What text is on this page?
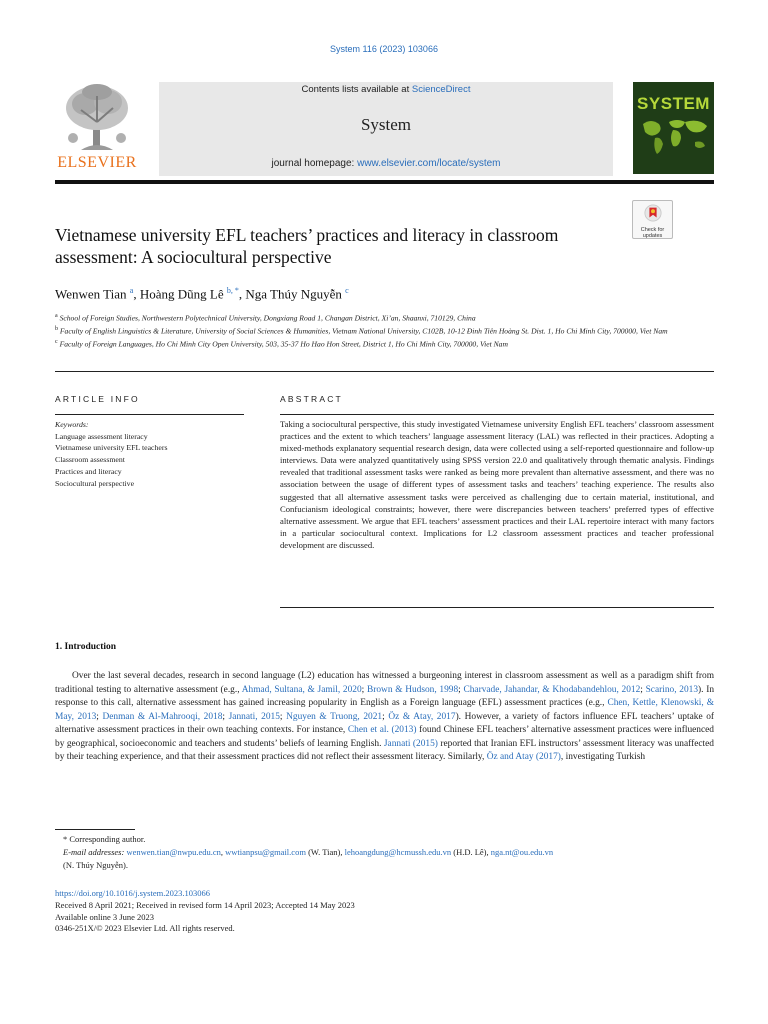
System 116 (2023) 103066
ELSEVIER
Contents lists available at ScienceDirect
System
journal homepage: www.elsevier.com/locate/system
SYSTEM
Check for
updates
Vietnamese university EFL teachers’ practices and literacy in classroom assessment: A sociocultural perspective
Wenwen Tian $^a$, Hoàng Dũng Lê $^{b, *}$, Nga Thúy Nguyễn $^c$
$^a$ School of Foreign Studies, Northwestern Polytechnical University, Dongxiang Road 1, Changan District, Xi’an, Shaanxi, 710129, China
$^b$ Faculty of English Linguistics & Literature, University of Social Sciences & Humanities, Vietnam National University, C102B, 10-12 Đinh Tiên Hoàng St. Dist. 1, Ho Chi Minh City, 700000, Viet Nam
$^c$ Faculty of Foreign Languages, Ho Chi Minh City Open University, 503, 35-37 Ho Hao Hon Street, District 1, Ho Chi Minh City, 700000, Viet Nam
ARTICLE INFO	ABSTRACT
Keywords:
Language assessment literacy
Vietnamese university EFL teachers
Classroom assessment
Practices and literacy
Sociocultural perspective
Taking a sociocultural perspective, this study investigated Vietnamese university English EFL teachers’ classroom assessment practices and the extent to which teachers’ language assessment literacy (LAL) was reflected in their practices. Adopting a mixed-methods explanatory sequential research design, data were collected using a self-reported questionnaire and follow-up interviews. Data were analyzed quantitatively using SPSS version 22.0 and qualitatively through thematic analysis. Findings revealed that traditional assessment tasks were ranked as being more prevalent than alternative assessment, and there was no association between the usage of different types of assessment tasks and teachers’ teaching experience. The results also suggested that all alternative assessment tasks were perceived as challenging due to certain material, institutional, and Confucianism ideological constraints; however, there were discrepancies between teachers’ preferred types of effective alternative assessment. We argue that EFL teachers’ assessment practices and their LAL repertoire interact with many factors in a particular sociocultural context. Implications for L2 classroom assessment practices and teacher professional development are discussed.
1. Introduction

Over the last several decades, research in second language (L2) education has witnessed a burgeoning interest in classroom assessment as well as a paradigm shift from traditional testing to alternative assessment (e.g., Ahmad, Sultana, & Jamil, 2020; Brown & Hudson, 1998; Charvade, Jahandar, & Khodabandehlou, 2012; Scarino, 2013). In response to this call, alternative assessment has gained increasing popularity in English as a Foreign language (EFL) assessment practices (e.g., Chen, Kettle, Klenowski, & May, 2013; Denman & Al-Mahrooqi, 2018; Jannati, 2015; Nguyen & Truong, 2021; Öz & Atay, 2017). However, a variety of factors influence EFL teachers’ uptake of alternative assessment practices in their own teaching contexts. For instance, Chen et al. (2013) found Chinese EFL teachers’ alternative assessment practices were influenced by geographical, socioeconomic and teachers and students’ beliefs of learning English. Jannati (2015) reported that Iranian EFL instructors’ assessment literacy was unaffected by their teaching experience, and that their assessment practices did not reflect their assessment literacy. Similarly, Öz and Atay (2017), investigating Turkish

* Corresponding author.
E-mail addresses: wenwen.tian@nwpu.edu.cn, wwtianpsu@gmail.com (W. Tian), lehoangdung@hcmussh.edu.vn (H.D. Lê), nga.nt@ou.edu.vn
(N. Thúy Nguyễn).
https://doi.org/10.1016/j.system.2023.103066
Received 8 April 2021; Received in revised form 14 April 2023; Accepted 14 May 2023
Available online 3 June 2023
0346-251X/© 2023 Elsevier Ltd. All rights reserved.
